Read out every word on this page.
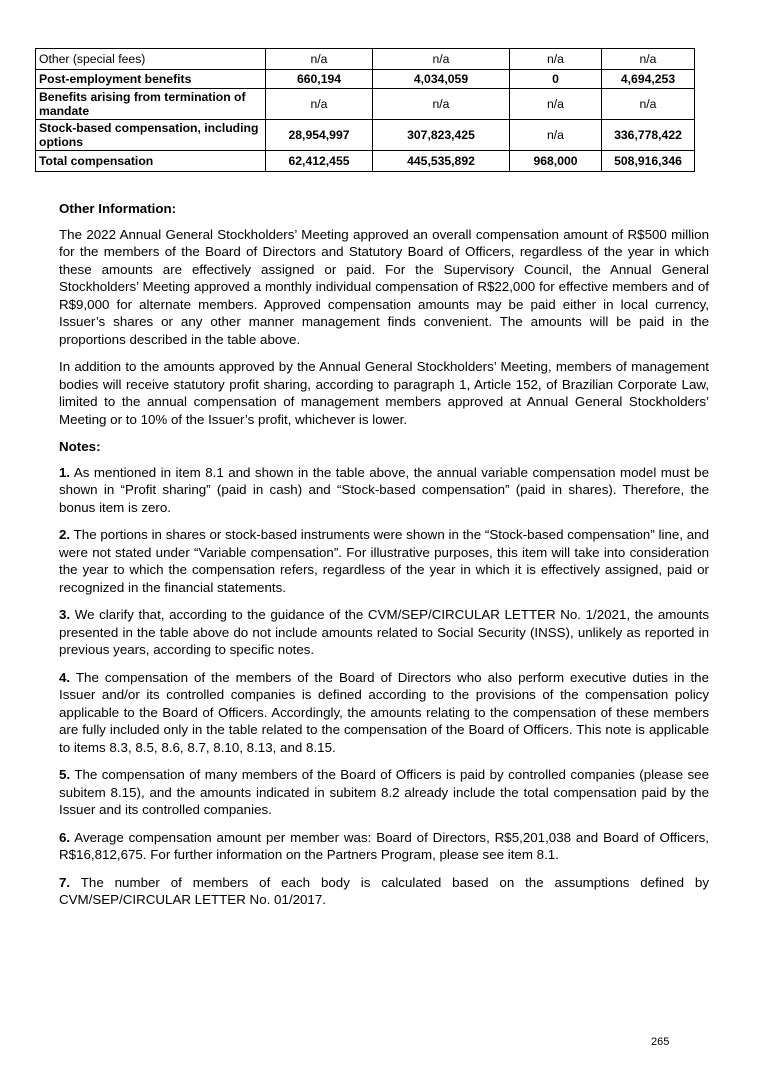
Other (special fees)	n/a	n/a	n/a	n/a
Post-employment benefits	660,194	4,034,059	0	4,694,253
Benefits arising from termination of mandate	n/a	n/a	n/a	n/a
Stock-based compensation, including options	28,954,997	307,823,425	n/a	336,778,422
Total compensation	62,412,455	445,535,892	968,000	508,916,346
Other Information:

The 2022 Annual General Stockholders’ Meeting approved an overall compensation amount of R$500 million for the members of the Board of Directors and Statutory Board of Officers, regardless of the year in which these amounts are effectively assigned or paid. For the Supervisory Council, the Annual General Stockholders’ Meeting approved a monthly individual compensation of R$22,000 for effective members and of R$9,000 for alternate members. Approved compensation amounts may be paid either in local currency, Issuer’s shares or any other manner management finds convenient. The amounts will be paid in the proportions described in the table above.

In addition to the amounts approved by the Annual General Stockholders’ Meeting, members of management bodies will receive statutory profit sharing, according to paragraph 1, Article 152, of Brazilian Corporate Law, limited to the annual compensation of management members approved at Annual General Stockholders’ Meeting or to 10% of the Issuer’s profit, whichever is lower.

Notes:

1. As mentioned in item 8.1 and shown in the table above, the annual variable compensation model must be shown in “Profit sharing” (paid in cash) and “Stock-based compensation” (paid in shares). Therefore, the bonus item is zero.

2. The portions in shares or stock-based instruments were shown in the “Stock-based compensation” line, and were not stated under “Variable compensation”. For illustrative purposes, this item will take into consideration the year to which the compensation refers, regardless of the year in which it is effectively assigned, paid or recognized in the financial statements.

3. We clarify that, according to the guidance of the CVM/SEP/CIRCULAR LETTER No. 1/2021, the amounts presented in the table above do not include amounts related to Social Security (INSS), unlikely as reported in previous years, according to specific notes.

4. The compensation of the members of the Board of Directors who also perform executive duties in the Issuer and/or its controlled companies is defined according to the provisions of the compensation policy applicable to the Board of Officers. Accordingly, the amounts relating to the compensation of these members are fully included only in the table related to the compensation of the Board of Officers. This note is applicable to items 8.3, 8.5, 8.6, 8.7, 8.10, 8.13, and 8.15.

5. The compensation of many members of the Board of Officers is paid by controlled companies (please see subitem 8.15), and the amounts indicated in subitem 8.2 already include the total compensation paid by the Issuer and its controlled companies.

6. Average compensation amount per member was: Board of Directors, R$5,201,038 and Board of Officers, R$16,812,675. For further information on the Partners Program, please see item 8.1.

7. The number of members of each body is calculated based on the assumptions defined by CVM/SEP/CIRCULAR LETTER No. 01/2017.

265
